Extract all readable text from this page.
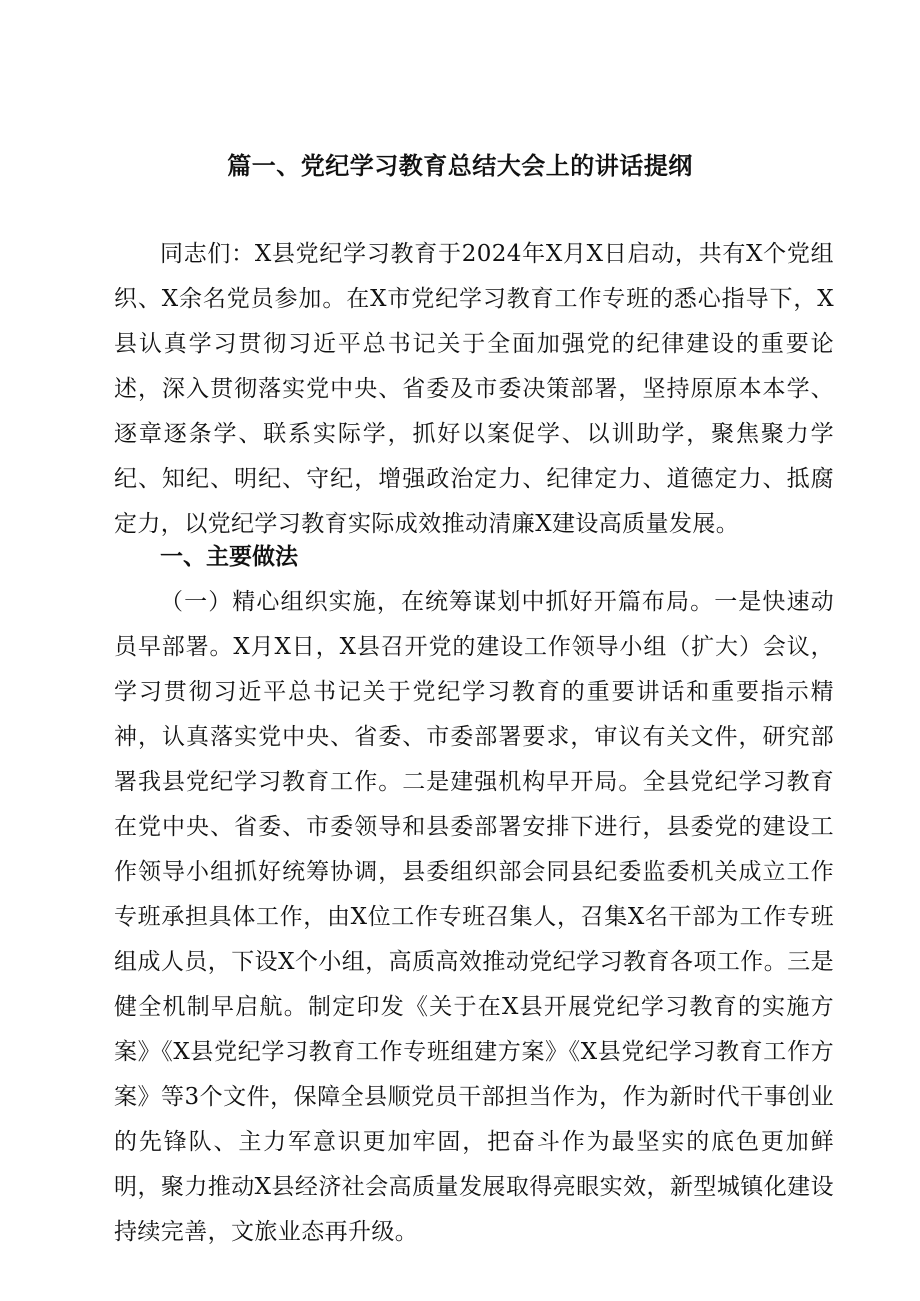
篇一、党纪学习教育总结大会上的讲话提纲

同志们：X县党纪学习教育于2024年X月X日启动，共有X个党组织、X余名党员参加。在X市党纪学习教育工作专班的悉心指导下，X县认真学习贯彻习近平总书记关于全面加强党的纪律建设的重要论述，深入贯彻落实党中央、省委及市委决策部署，坚持原原本本学、逐章逐条学、联系实际学，抓好以案促学、以训助学，聚焦聚力学纪、知纪、明纪、守纪，增强政治定力、纪律定力、道德定力、抵腐定力，以党纪学习教育实际成效推动清廉X建设高质量发展。

一、主要做法

（一）精心组织实施，在统筹谋划中抓好开篇布局。一是快速动员早部署。X月X日，X县召开党的建设工作领导小组（扩大）会议，学习贯彻习近平总书记关于党纪学习教育的重要讲话和重要指示精神，认真落实党中央、省委、市委部署要求，审议有关文件，研究部署我县党纪学习教育工作。二是建强机构早开局。全县党纪学习教育在党中央、省委、市委领导和县委部署安排下进行，县委党的建设工作领导小组抓好统筹协调，县委组织部会同县纪委监委机关成立工作专班承担具体工作，由X位工作专班召集人，召集X名干部为工作专班组成人员，下设X个小组，高质高效推动党纪学习教育各项工作。三是健全机制早启航。制定印发《关于在X县开展党纪学习教育的实施方案》《X县党纪学习教育工作专班组建方案》《X县党纪学习教育工作方案》等3个文件，保障全县顺党员干部担当作为，作为新时代干事创业的先锋队、主力军意识更加牢固，把奋斗作为最坚实的底色更加鲜明，聚力推动X县经济社会高质量发展取得亮眼实效，新型城镇化建设持续完善，文旅业态再升级。
